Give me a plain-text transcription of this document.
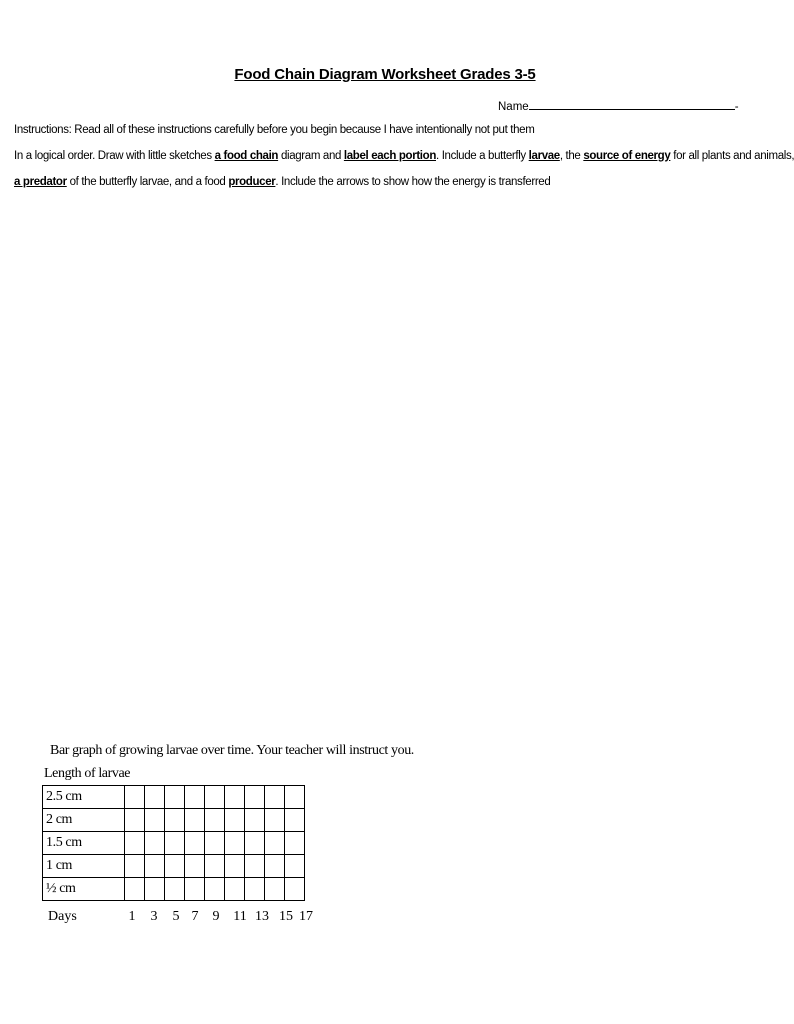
Food Chain Diagram Worksheet Grades 3-5
Name	-
Instructions: Read all of these instructions carefully before you begin because I have intentionally not put them
In a logical order. Draw with little sketches a food chain diagram and label each portion. Include a butterfly larvae, the source of energy for all plants and animals,
a predator of the butterfly larvae, and a food producer. Include the arrows to show how the energy is transferred
Bar graph of growing larvae over time. Your teacher will instruct you.
Length of larvae
2.5 cm									
2 cm									
1.5 cm									
1 cm									
½ cm									
Days	1 3 5 7 9 11 13 15 17
